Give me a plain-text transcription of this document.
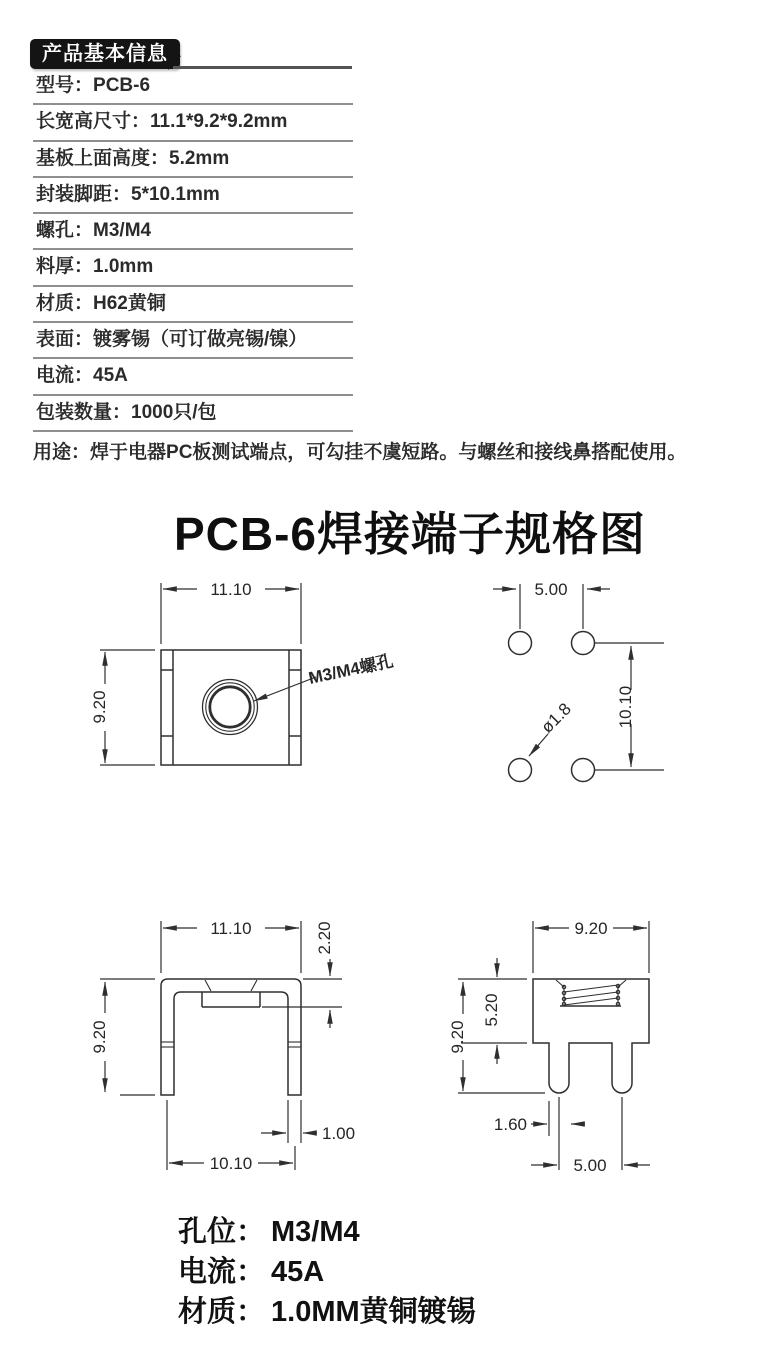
产品基本信息
型号：PCB-6
长宽高尺寸：11.1*9.2*9.2mm
基板上面高度：5.2mm
封装脚距：5*10.1mm
螺孔：M3/M4
料厚：1.0mm
材质：H62黄铜
表面：镀雾锡（可订做亮锡/镍）
电流：45A
包装数量：1000只/包
用途：焊于电器PC板测试端点，可勾挂不虞短路。与螺丝和接线鼻搭配使用。
PCB-6焊接端子规格图
11.10
9.20
M3/M4螺孔
5.00
10.10
ø1.8
11.10
9.20
2.20
1.00
10.10
9.20
9.20
5.20
1.60
5.00
孔位： M3/M4
电流： 45A
材质： 1.0MM黄铜镀锡
